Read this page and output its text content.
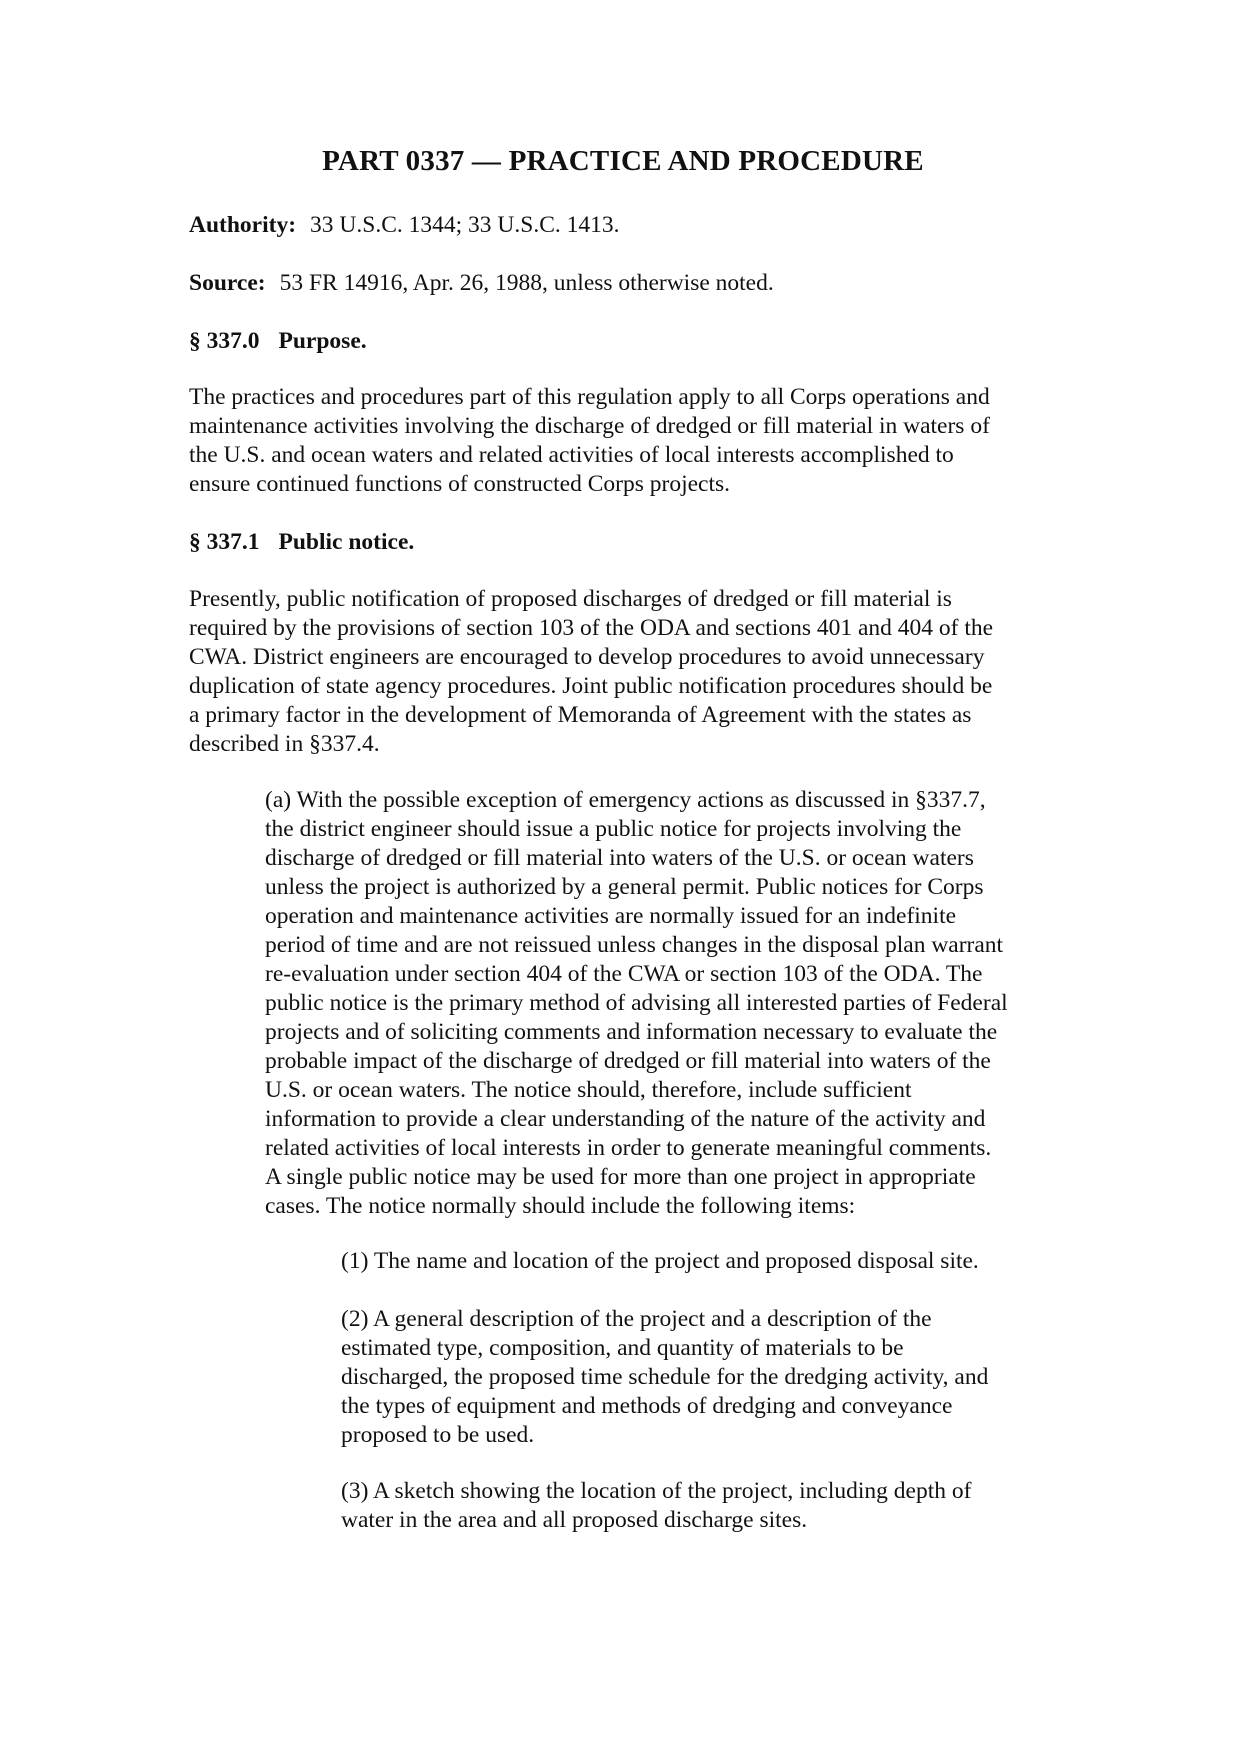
PART 0337 — PRACTICE AND PROCEDURE

Authority: 33 U.S.C. 1344; 33 U.S.C. 1413.

Source: 53 FR 14916, Apr. 26, 1988, unless otherwise noted.

§ 337.0 Purpose.

The practices and procedures part of this regulation apply to all Corps operations and
maintenance activities involving the discharge of dredged or fill material in waters of
the U.S. and ocean waters and related activities of local interests accomplished to
ensure continued functions of constructed Corps projects.

§ 337.1 Public notice.

Presently, public notification of proposed discharges of dredged or fill material is
required by the provisions of section 103 of the ODA and sections 401 and 404 of the
CWA. District engineers are encouraged to develop procedures to avoid unnecessary
duplication of state agency procedures. Joint public notification procedures should be
a primary factor in the development of Memoranda of Agreement with the states as
described in §337.4.
(a) With the possible exception of emergency actions as discussed in §337.7,
the district engineer should issue a public notice for projects involving the
discharge of dredged or fill material into waters of the U.S. or ocean waters
unless the project is authorized by a general permit. Public notices for Corps
operation and maintenance activities are normally issued for an indefinite
period of time and are not reissued unless changes in the disposal plan warrant
re-evaluation under section 404 of the CWA or section 103 of the ODA. The
public notice is the primary method of advising all interested parties of Federal
projects and of soliciting comments and information necessary to evaluate the
probable impact of the discharge of dredged or fill material into waters of the
U.S. or ocean waters. The notice should, therefore, include sufficient
information to provide a clear understanding of the nature of the activity and
related activities of local interests in order to generate meaningful comments.
A single public notice may be used for more than one project in appropriate
cases. The notice normally should include the following items:
(1) The name and location of the project and proposed disposal site.
(2) A general description of the project and a description of the
estimated type, composition, and quantity of materials to be
discharged, the proposed time schedule for the dredging activity, and
the types of equipment and methods of dredging and conveyance
proposed to be used.
(3) A sketch showing the location of the project, including depth of
water in the area and all proposed discharge sites.
